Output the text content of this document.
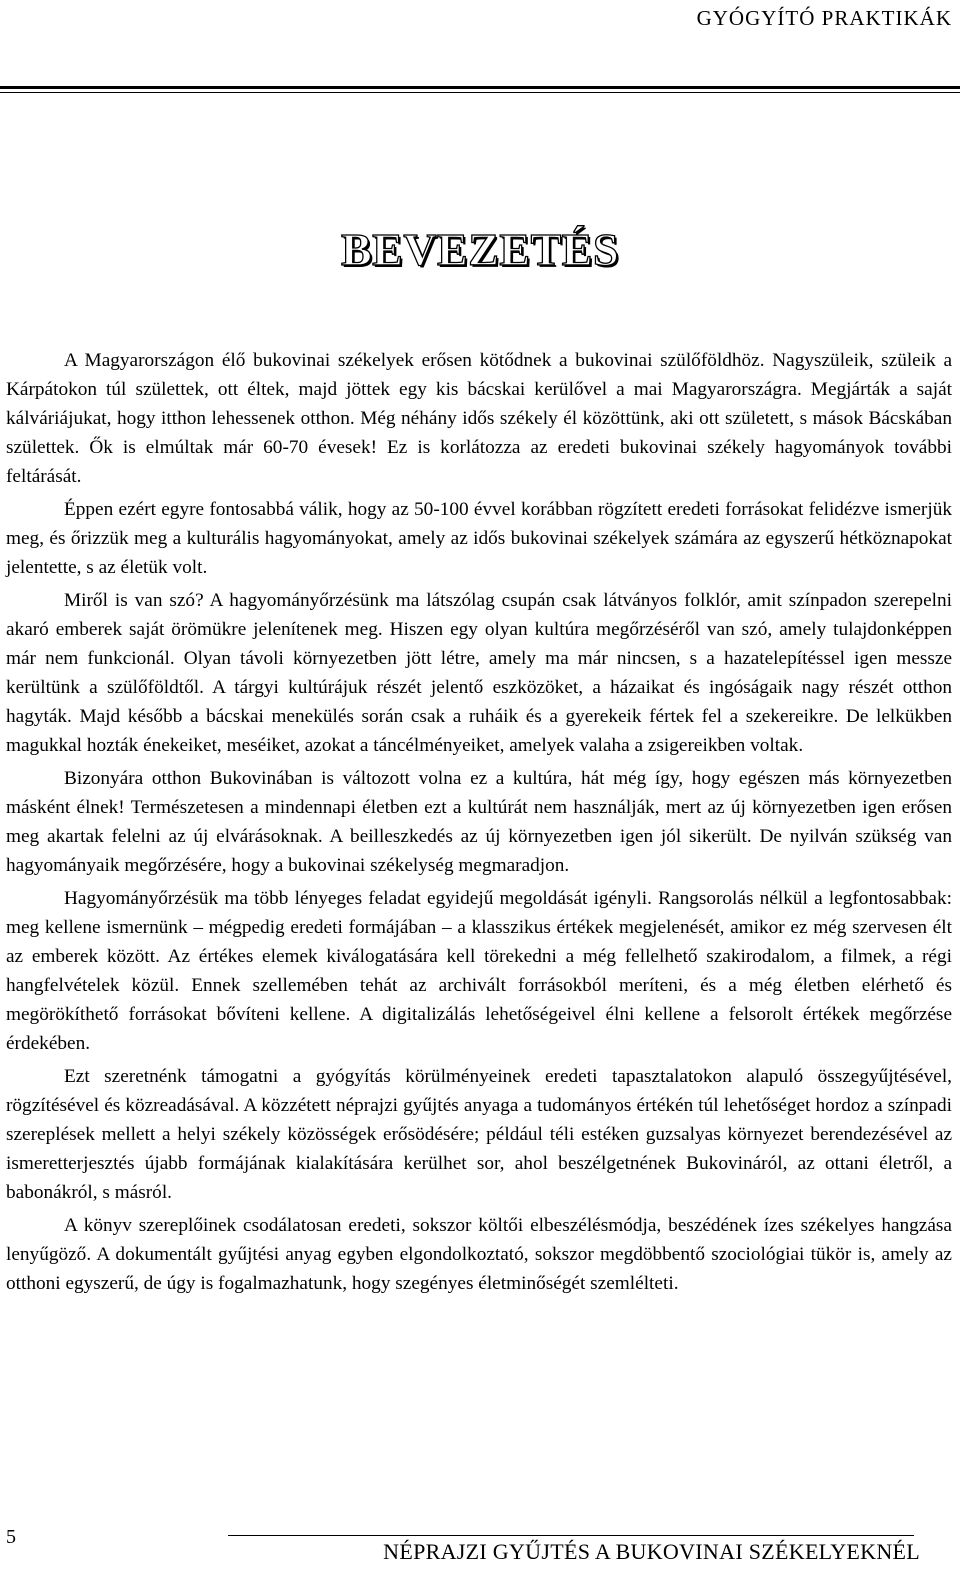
GYÓGYÍTÓ PRAKTIKÁK
BEVEZETÉS

A Magyarországon élő bukovinai székelyek erősen kötődnek a bukovinai szülőföldhöz. Nagyszüleik, szüleik a Kárpátokon túl születtek, ott éltek, majd jöttek egy kis bácskai kerülővel a mai Magyarországra. Megjárták a saját kálváriájukat, hogy itthon lehessenek otthon. Még néhány idős székely él közöttünk, aki ott született, s mások Bácskában születtek. Ők is elmúltak már 60-70 évesek! Ez is korlátozza az eredeti bukovinai székely hagyományok további feltárását.

Éppen ezért egyre fontosabbá válik, hogy az 50-100 évvel korábban rögzített eredeti forrásokat felidézve ismerjük meg, és őrizzük meg a kulturális hagyományokat, amely az idős bukovinai székelyek számára az egyszerű hétköznapokat jelentette, s az életük volt.

Miről is van szó? A hagyományőrzésünk ma látszólag csupán csak látványos folklór, amit színpadon szerepelni akaró emberek saját örömükre jelenítenek meg. Hiszen egy olyan kultúra megőrzéséről van szó, amely tulajdonképpen már nem funkcionál. Olyan távoli környezetben jött létre, amely ma már nincsen, s a hazatelepítéssel igen messze kerültünk a szülőföldtől. A tárgyi kultúrájuk részét jelentő eszközöket, a házaikat és ingóságaik nagy részét otthon hagyták. Majd később a bácskai menekülés során csak a ruháik és a gyerekeik fértek fel a szekereikre. De lelkükben magukkal hozták énekeiket, meséiket, azokat a táncélményeiket, amelyek valaha a zsigereikben voltak.

Bizonyára otthon Bukovinában is változott volna ez a kultúra, hát még így, hogy egészen más környezetben másként élnek! Természetesen a mindennapi életben ezt a kultúrát nem használják, mert az új környezetben igen erősen meg akartak felelni az új elvárásoknak. A beilleszkedés az új környezetben igen jól sikerült. De nyilván szükség van hagyományaik megőrzésére, hogy a bukovinai székelység megmaradjon.

Hagyományőrzésük ma több lényeges feladat egyidejű megoldását igényli. Rangsorolás nélkül a legfontosabbak: meg kellene ismernünk – mégpedig eredeti formájában – a klasszikus értékek megjelenését, amikor ez még szervesen élt az emberek között. Az értékes elemek kiválogatására kell törekedni a még fellelhető szakirodalom, a filmek, a régi hangfelvételek közül. Ennek szellemében tehát az archivált forrásokból meríteni, és a még életben elérhető és megörökíthető forrásokat bővíteni kellene. A digitalizálás lehetőségeivel élni kellene a felsorolt értékek megőrzése érdekében.

Ezt szeretnénk támogatni a gyógyítás körülményeinek eredeti tapasztalatokon alapuló összegyűjtésével, rögzítésével és közreadásával. A közzétett néprajzi gyűjtés anyaga a tudományos értékén túl lehetőséget hordoz a színpadi szereplések mellett a helyi székely közösségek erősödésére; például téli estéken guzsalyas környezet berendezésével az ismeretterjesztés újabb formájának kialakítására kerülhet sor, ahol beszélgetnének Bukovináról, az ottani életről, a babonákról, s másról.

A könyv szereplőinek csodálatosan eredeti, sokszor költői elbeszélésmódja, beszédének ízes székelyes hangzása lenyűgöző. A dokumentált gyűjtési anyag egyben elgondolkoztató, sokszor megdöbbentő szociológiai tükör is, amely az otthoni egyszerű, de úgy is fogalmazhatunk, hogy szegényes életminőségét szemlélteti.

5
NÉPRAJZI GYŰJTÉS A BUKOVINAI SZÉKELYEKNÉL
